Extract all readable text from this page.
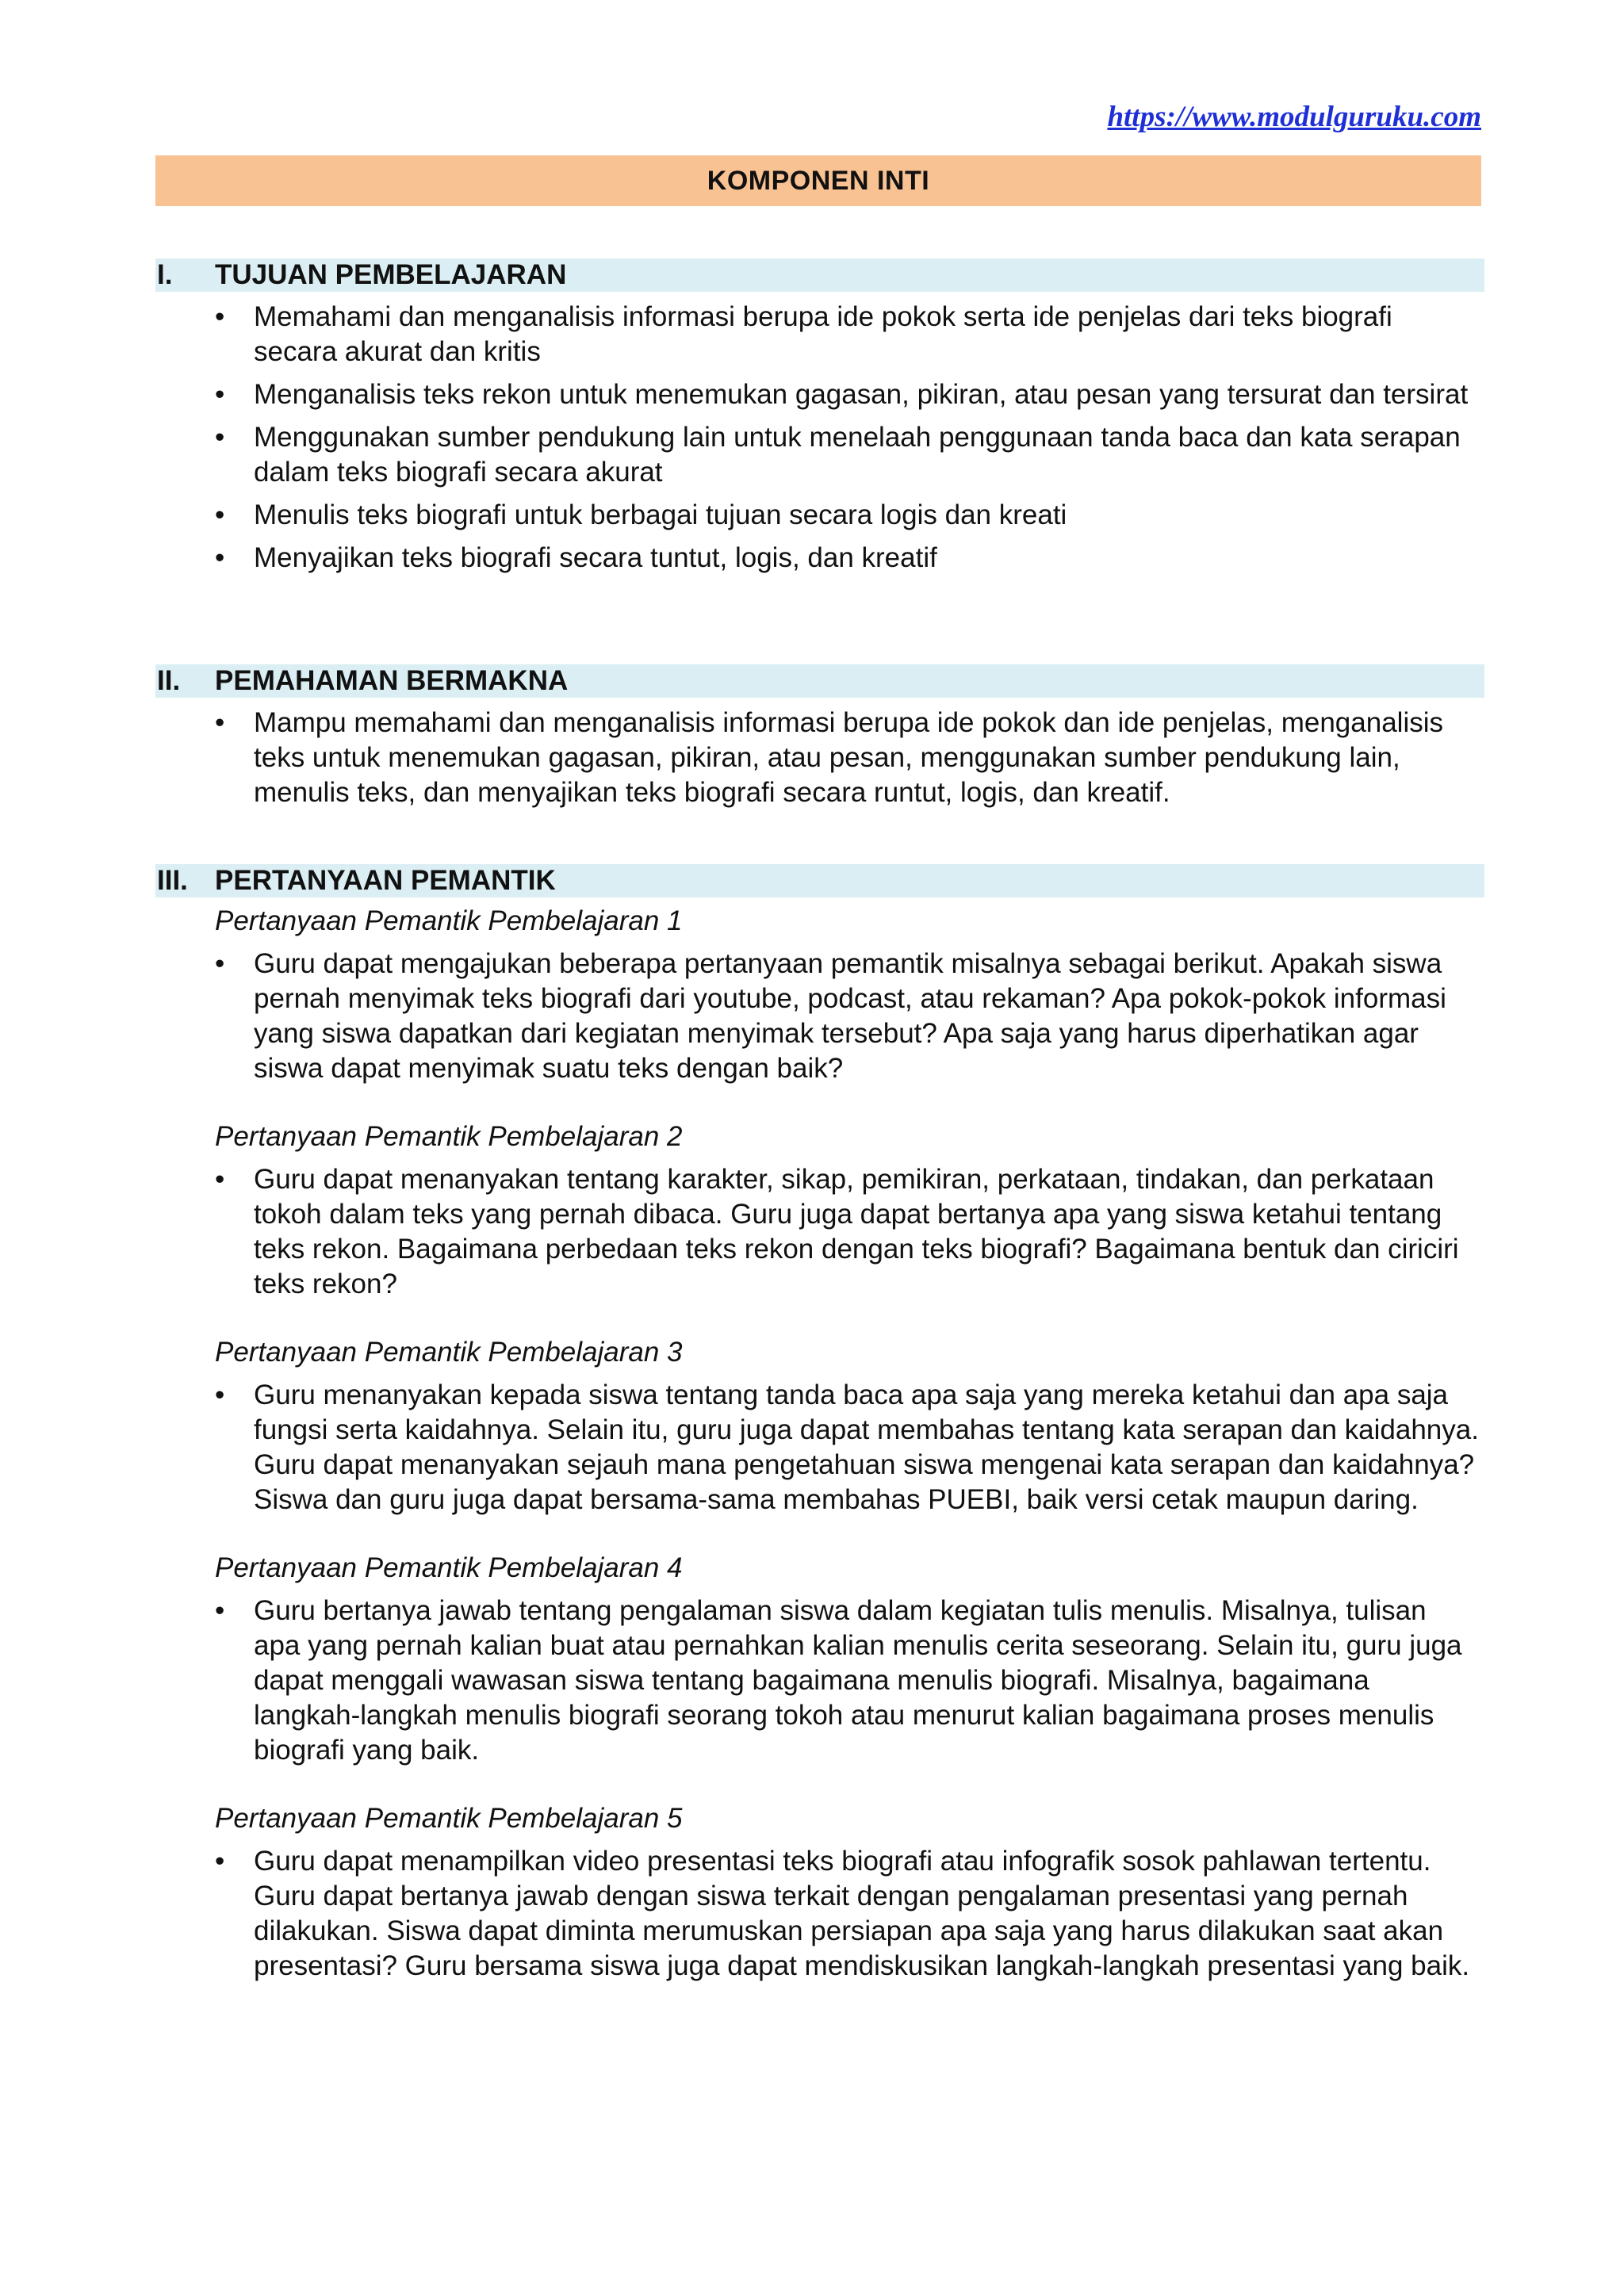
https://www.modulguruku.com
KOMPONEN INTI
I. TUJUAN PEMBELAJARAN
• Memahami dan menganalisis informasi berupa ide pokok serta ide penjelas dari teks biografi secara akurat dan kritis
• Menganalisis teks rekon untuk menemukan gagasan, pikiran, atau pesan yang tersurat dan tersirat
• Menggunakan sumber pendukung lain untuk menelaah penggunaan tanda baca dan kata serapan dalam teks biografi secara akurat
• Menulis teks biografi untuk berbagai tujuan secara logis dan kreati
• Menyajikan teks biografi secara tuntut, logis, dan kreatif
II. PEMAHAMAN BERMAKNA
• Mampu memahami dan menganalisis informasi berupa ide pokok dan ide penjelas, menganalisis teks untuk menemukan gagasan, pikiran, atau pesan, menggunakan sumber pendukung lain, menulis teks, dan menyajikan teks biografi secara runtut, logis, dan kreatif.
III. PERTANYAAN PEMANTIK
Pertanyaan Pemantik Pembelajaran 1
• Guru dapat mengajukan beberapa pertanyaan pemantik misalnya sebagai berikut. Apakah siswa pernah menyimak teks biografi dari youtube, podcast, atau rekaman? Apa pokok-pokok informasi yang siswa dapatkan dari kegiatan menyimak tersebut? Apa saja yang harus diperhatikan agar siswa dapat menyimak suatu teks dengan baik?
Pertanyaan Pemantik Pembelajaran 2
• Guru dapat menanyakan tentang karakter, sikap, pemikiran, perkataan, tindakan, dan perkataan tokoh dalam teks yang pernah dibaca. Guru juga dapat bertanya apa yang siswa ketahui tentang teks rekon. Bagaimana perbedaan teks rekon dengan teks biografi? Bagaimana bentuk dan ciriciri teks rekon?
Pertanyaan Pemantik Pembelajaran 3
• Guru menanyakan kepada siswa tentang tanda baca apa saja yang mereka ketahui dan apa saja fungsi serta kaidahnya. Selain itu, guru juga dapat membahas tentang kata serapan dan kaidahnya. Guru dapat menanyakan sejauh mana pengetahuan siswa mengenai kata serapan dan kaidahnya? Siswa dan guru juga dapat bersama-sama membahas PUEBI, baik versi cetak maupun daring.
Pertanyaan Pemantik Pembelajaran 4
• Guru bertanya jawab tentang pengalaman siswa dalam kegiatan tulis menulis. Misalnya, tulisan apa yang pernah kalian buat atau pernahkan kalian menulis cerita seseorang. Selain itu, guru juga dapat menggali wawasan siswa tentang bagaimana menulis biografi. Misalnya, bagaimana langkah-langkah menulis biografi seorang tokoh atau menurut kalian bagaimana proses menulis biografi yang baik.
Pertanyaan Pemantik Pembelajaran 5
• Guru dapat menampilkan video presentasi teks biografi atau infografik sosok pahlawan tertentu. Guru dapat bertanya jawab dengan siswa terkait dengan pengalaman presentasi yang pernah dilakukan. Siswa dapat diminta merumuskan persiapan apa saja yang harus dilakukan saat akan presentasi? Guru bersama siswa juga dapat mendiskusikan langkah-langkah presentasi yang baik.
